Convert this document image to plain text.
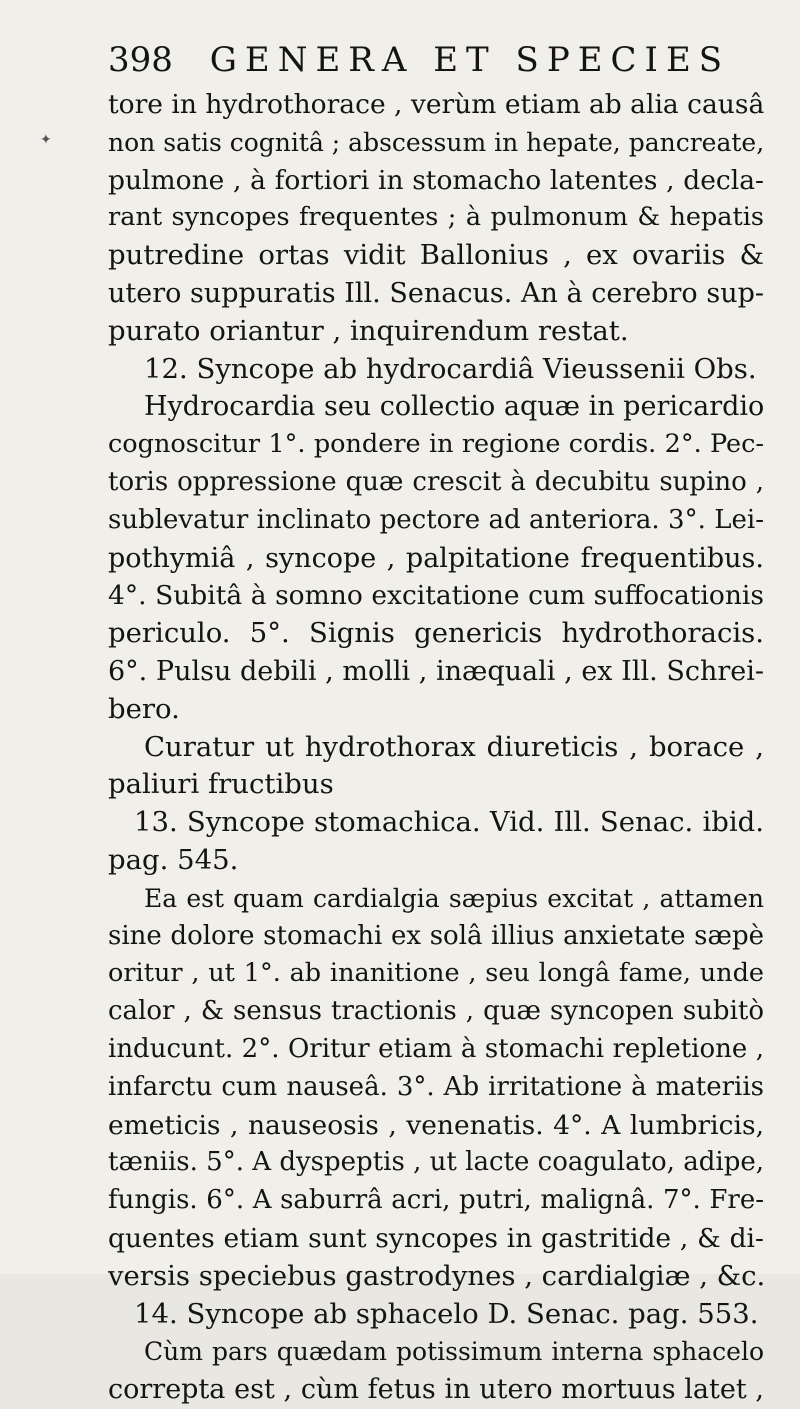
✦
398 GENERA ET SPECIES
tore in hydrothorace , verùm etiam ab alia causâ
non satis cognitâ ; abscessum in hepate, pancreate,
pulmone , à fortiori in stomacho latentes , decla-
rant syncopes frequentes ; à pulmonum & hepatis
putredine ortas vidit Ballonius , ex ovariis &
utero suppuratis Ill. Senacus. An à cerebro sup-
purato oriantur , inquirendum restat.
12. Syncope ab hydrocardiâ Vieussenii Obs.
Hydrocardia seu collectio aquæ in pericardio
cognoscitur 1°. pondere in regione cordis. 2°. Pec-
toris oppressione quæ crescit à decubitu supino ,
sublevatur inclinato pectore ad anteriora. 3°. Lei-
pothymiâ , syncope , palpitatione frequentibus.
4°. Subitâ à somno excitatione cum suffocationis
periculo. 5°. Signis genericis hydrothoracis.
6°. Pulsu debili , molli , inæquali , ex Ill. Schrei-
bero.
Curatur ut hydrothorax diureticis , borace ,
paliuri fructibus
13. Syncope stomachica. Vid. Ill. Senac. ibid.
pag. 545.
Ea est quam cardialgia sæpius excitat , attamen
sine dolore stomachi ex solâ illius anxietate sæpè
oritur , ut 1°. ab inanitione , seu longâ fame, unde
calor , & sensus tractionis , quæ syncopen subitò
inducunt. 2°. Oritur etiam à stomachi repletione ,
infarctu cum nauseâ. 3°. Ab irritatione à materiis
emeticis , nauseosis , venenatis. 4°. A lumbricis,
tæniis. 5°. A dyspeptis , ut lacte coagulato, adipe,
fungis. 6°. A saburrâ acri, putri, malignâ. 7°. Fre-
quentes etiam sunt syncopes in gastritide , & di-
versis speciebus gastrodynes , cardialgiæ , &c.
14. Syncope ab sphacelo D. Senac. pag. 553.
Cùm pars quædam potissimum interna sphacelo
correpta est , cùm fetus in utero mortuus latet ,
